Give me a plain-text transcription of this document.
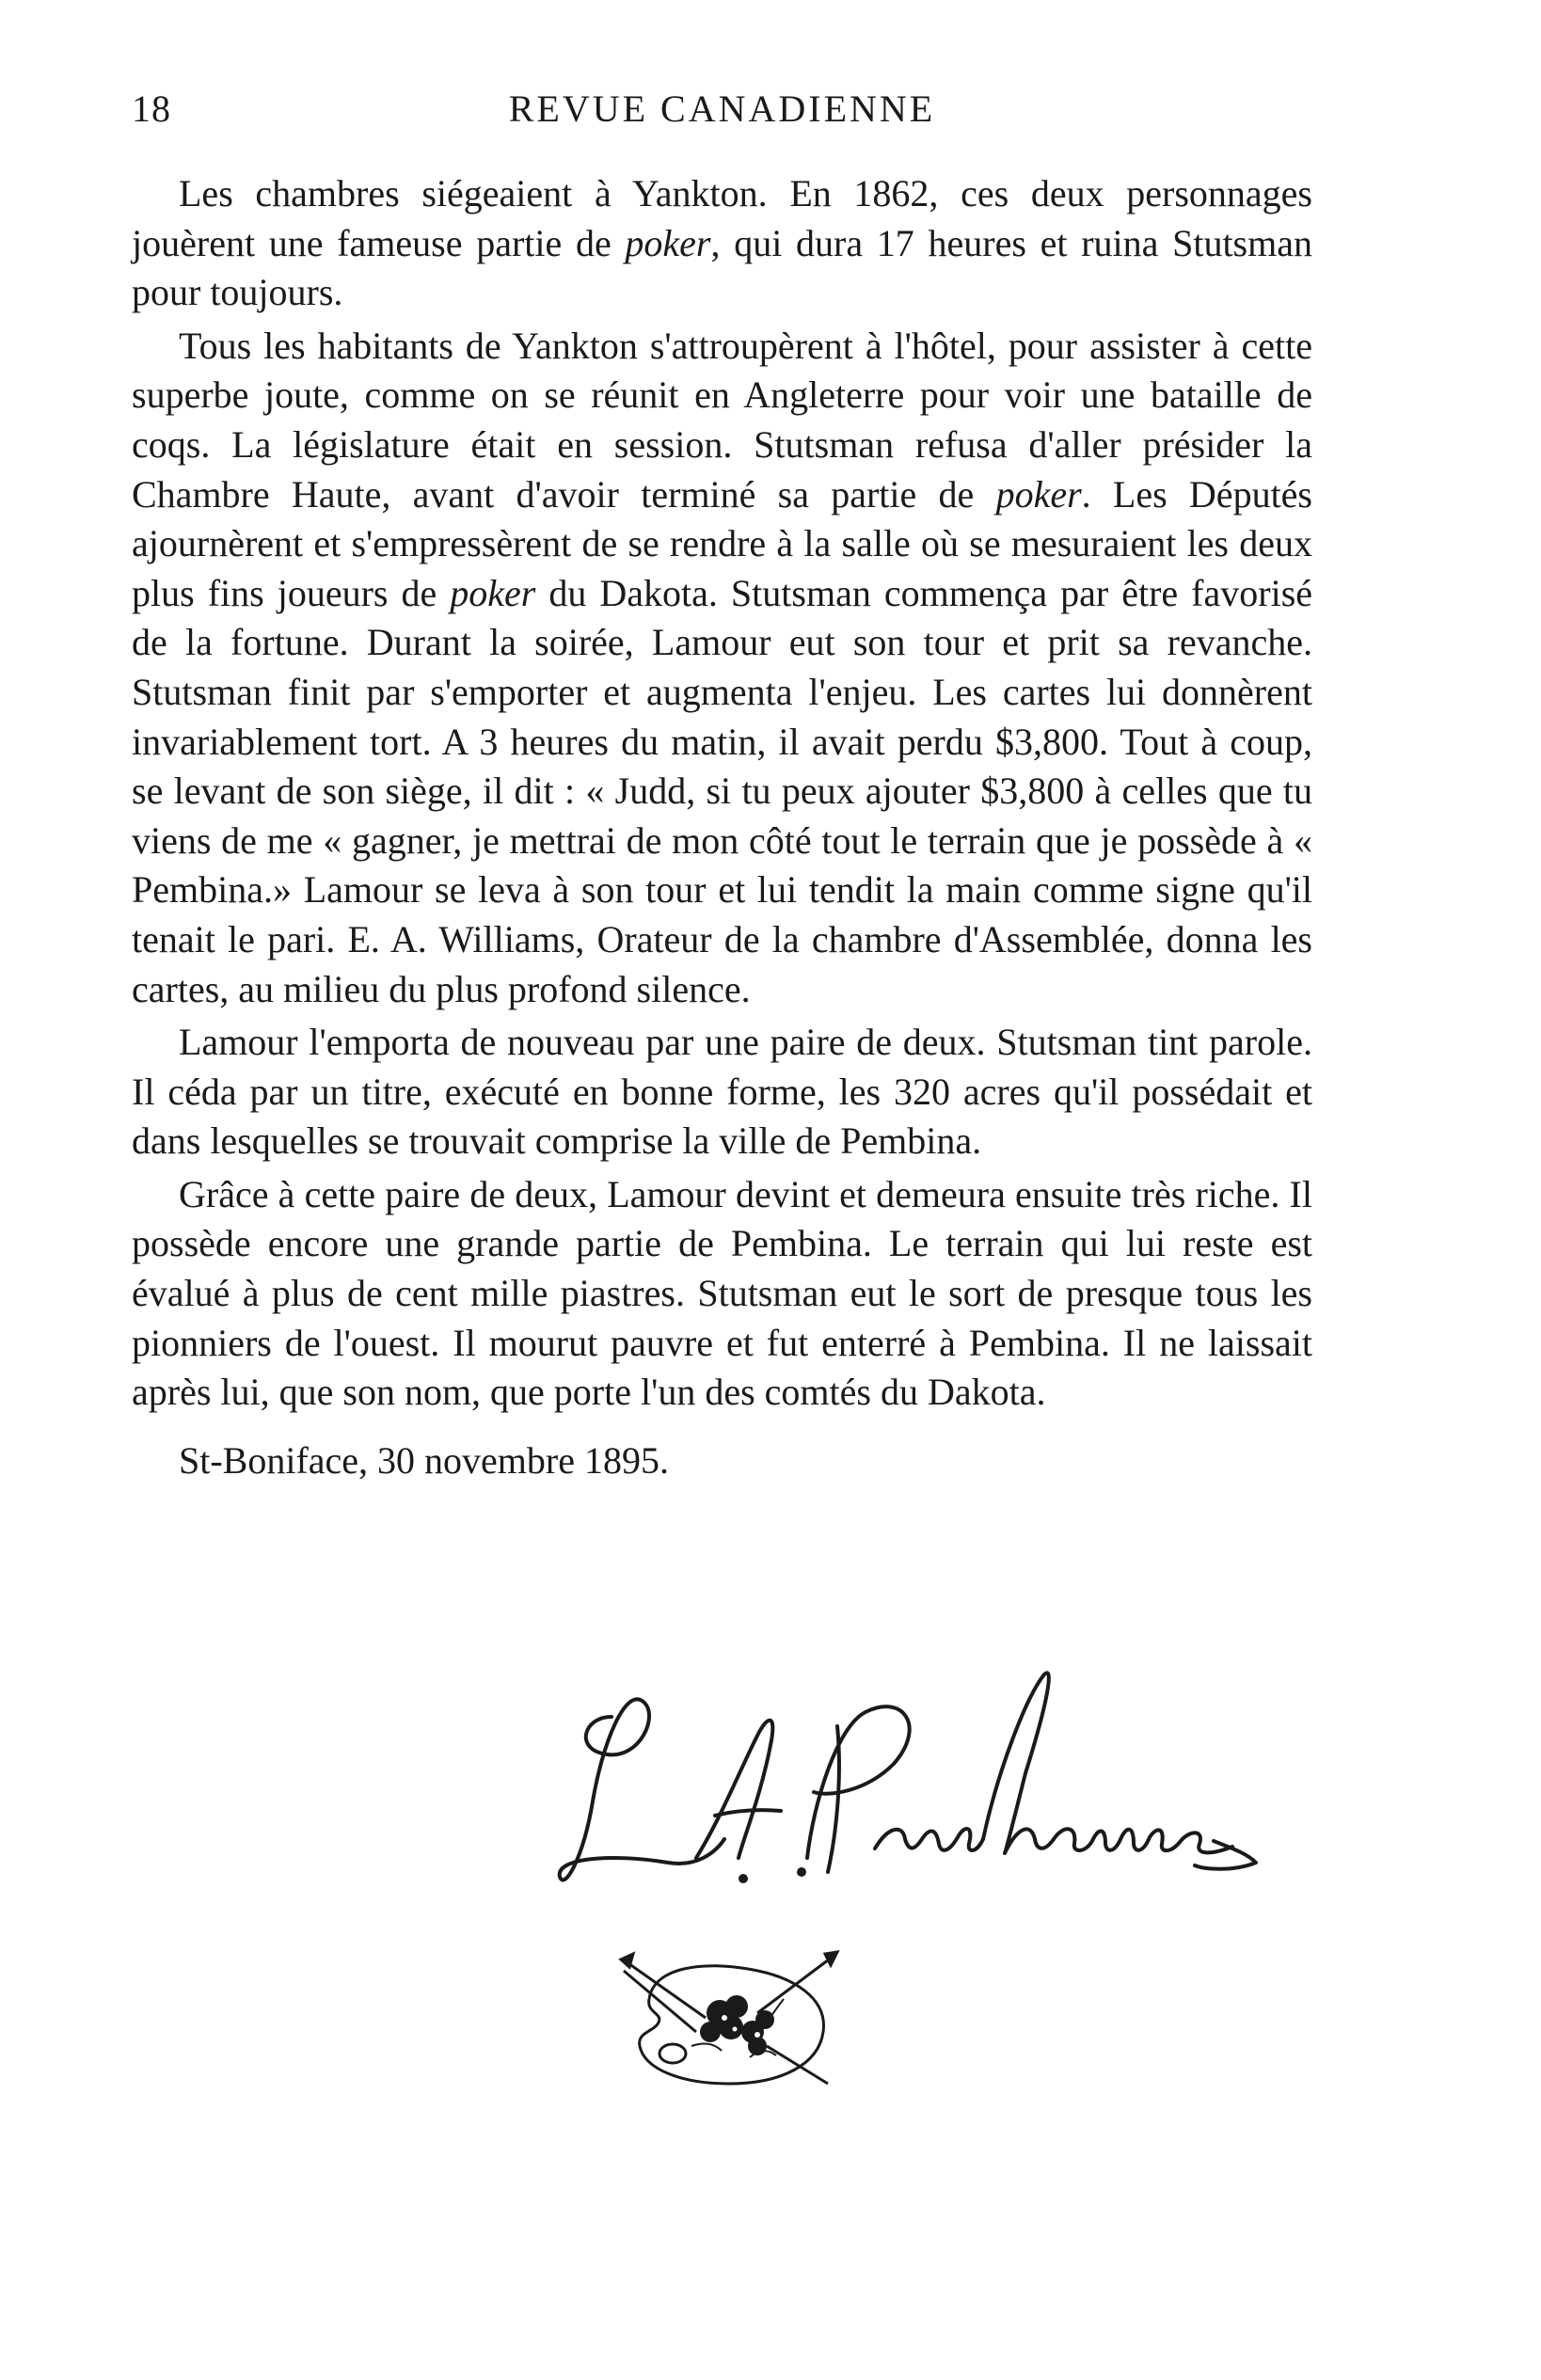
18	REVUE CANADIENNE

Les chambres siégeaient à Yankton. En 1862, ces deux personnages jouèrent une fameuse partie de poker, qui dura 17 heures et ruina Stutsman pour toujours.

Tous les habitants de Yankton s'attroupèrent à l'hôtel, pour assister à cette superbe joute, comme on se réunit en Angleterre pour voir une bataille de coqs. La législature était en session. Stutsman refusa d'aller présider la Chambre Haute, avant d'avoir terminé sa partie de poker. Les Députés ajournèrent et s'empressèrent de se rendre à la salle où se mesuraient les deux plus fins joueurs de poker du Dakota. Stutsman commença par être favorisé de la fortune. Durant la soirée, Lamour eut son tour et prit sa revanche. Stutsman finit par s'emporter et augmenta l'enjeu. Les cartes lui donnèrent invariablement tort. A 3 heures du matin, il avait perdu $3,800. Tout à coup, se levant de son siège, il dit : « Judd, si tu peux ajouter $3,800 à celles que tu viens de me « gagner, je mettrai de mon côté tout le terrain que je possède à « Pembina.» Lamour se leva à son tour et lui tendit la main comme signe qu'il tenait le pari. E. A. Williams, Orateur de la chambre d'Assemblée, donna les cartes, au milieu du plus profond silence.

Lamour l'emporta de nouveau par une paire de deux. Stutsman tint parole. Il céda par un titre, exécuté en bonne forme, les 320 acres qu'il possédait et dans lesquelles se trouvait comprise la ville de Pembina.

Grâce à cette paire de deux, Lamour devint et demeura ensuite très riche. Il possède encore une grande partie de Pembina. Le terrain qui lui reste est évalué à plus de cent mille piastres. Stutsman eut le sort de presque tous les pionniers de l'ouest. Il mourut pauvre et fut enterré à Pembina. Il ne laissait après lui, que son nom, que porte l'un des comtés du Dakota.

St-Boniface, 30 novembre 1895.
